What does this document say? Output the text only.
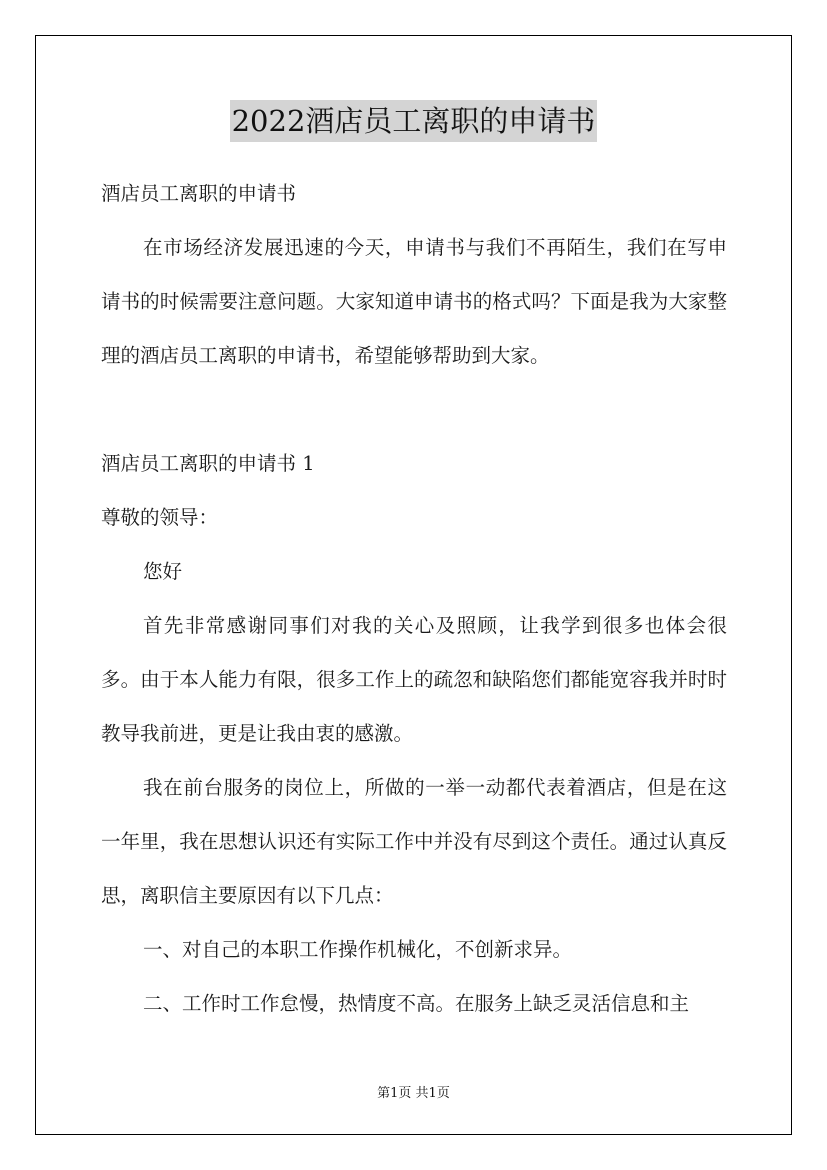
2022酒店员工离职的申请书
酒店员工离职的申请书
在市场经济发展迅速的今天，申请书与我们不再陌生，我们在写申请书的时候需要注意问题。大家知道申请书的格式吗？下面是我为大家整理的酒店员工离职的申请书，希望能够帮助到大家。
酒店员工离职的申请书 1
尊敬的领导：
您好
首先非常感谢同事们对我的关心及照顾，让我学到很多也体会很多。由于本人能力有限，很多工作上的疏忽和缺陷您们都能宽容我并时时教导我前进，更是让我由衷的感激。
我在前台服务的岗位上，所做的一举一动都代表着酒店，但是在这一年里，我在思想认识还有实际工作中并没有尽到这个责任。通过认真反思，离职信主要原因有以下几点：
一、对自己的本职工作操作机械化，不创新求异。
二、工作时工作怠慢，热情度不高。在服务上缺乏灵活信息和主
第1页 共1页
